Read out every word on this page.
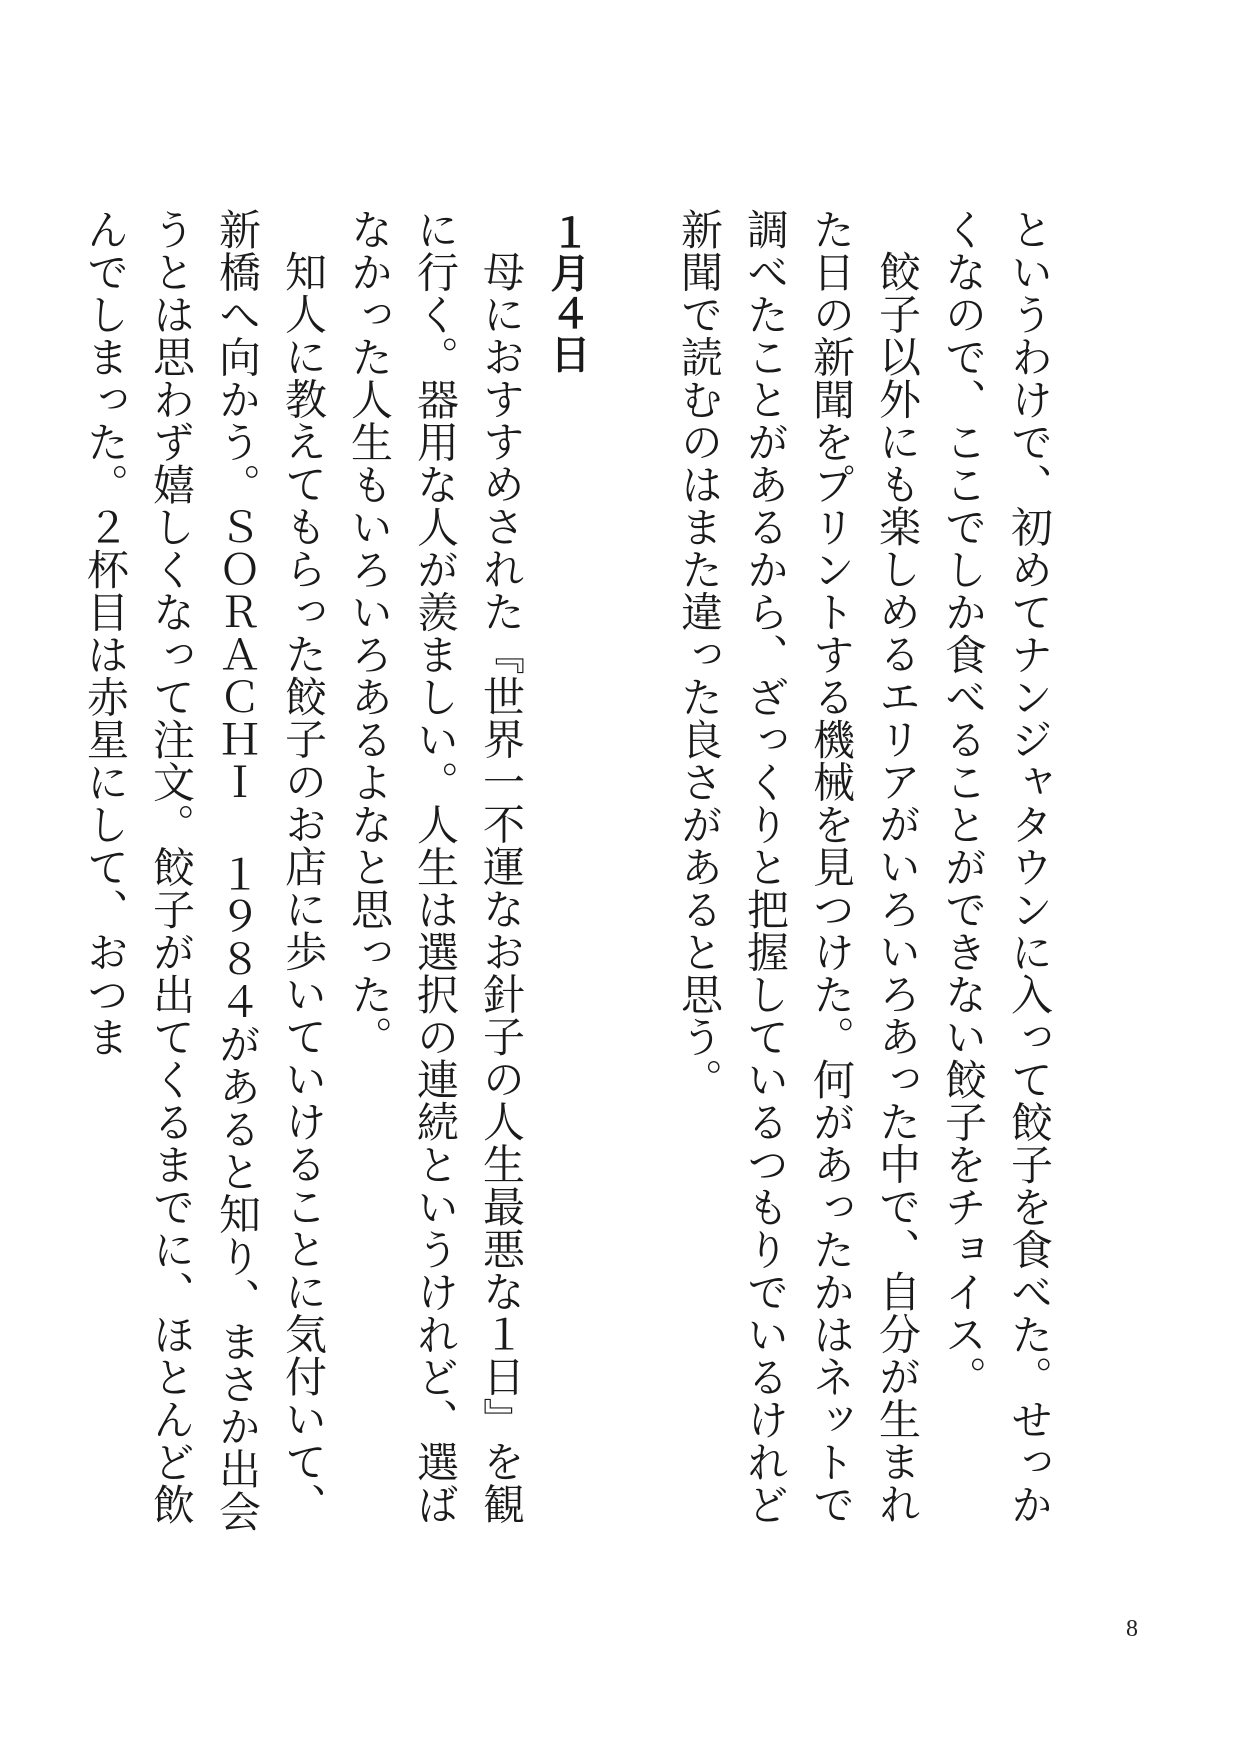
というわけで、初めてナンジャタウンに入って餃子を食べた。せっかくなので、ここでしか食べることができない餃子をチョイス。

餃子以外にも楽しめるエリアがいろいろあった中で、自分が生まれた日の新聞をプリントする機械を見つけた。何があったかはネットで調べたことがあるから、ざっくりと把握しているつもりでいるけれど新聞で読むのはまた違った良さがあると思う。

１月４日

母におすすめされた『世界一不運なお針子の人生最悪な１日』を観に行く。器用な人が羨ましい。人生は選択の連続というけれど、選ばなかった人生もいろいろあるよなと思った。

知人に教えてもらった餃子のお店に歩いていけることに気付いて、新橋へ向かう。ＳＯＲＡＣＨＩ １９８４があると知り、まさか出会うとは思わず嬉しくなって注文。餃子が出てくるまでに、ほとんど飲んでしまった。２杯目は赤星にして、おつま

8
